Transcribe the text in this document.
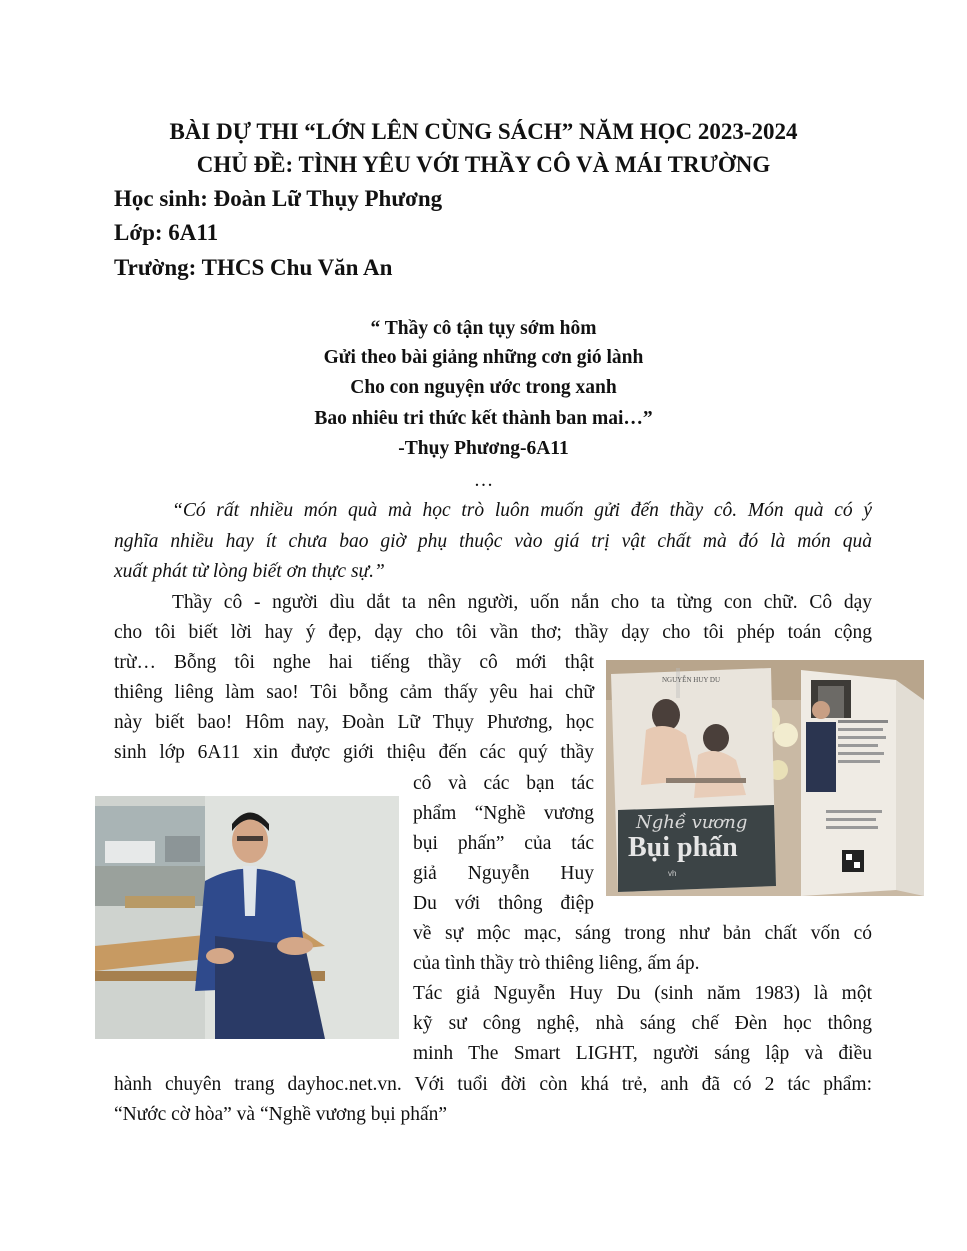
BÀI DỰ THI “LỚN LÊN CÙNG SÁCH” NĂM HỌC 2023-2024
CHỦ ĐỀ: TÌNH YÊU VỚI THẦY CÔ VÀ MÁI TRƯỜNG
Học sinh: Đoàn Lữ Thụy Phương
Lớp: 6A11
Trường: THCS Chu Văn An
“ Thầy cô tận tụy sớm hôm
Gửi theo bài giảng những cơn gió lành
Cho con nguyện ước trong xanh
Bao nhiêu tri thức kết thành ban mai…”
-Thụy Phương-6A11
…
“Có rất nhiều món quà mà học trò luôn muốn gửi đến thầy cô. Món quà có ý
nghĩa nhiều hay ít chưa bao giờ phụ thuộc vào giá trị vật chất mà đó là món quà
xuất phát từ lòng biết ơn thực sự.”
Thầy cô - người dìu dắt ta nên người, uốn nắn cho ta từng con chữ. Cô dạy
cho tôi biết lời hay ý đẹp, dạy cho tôi vần thơ; thầy dạy cho tôi phép toán cộng
trừ… Bỗng tôi nghe hai tiếng thầy cô mới thật
thiêng liêng làm sao! Tôi bỗng cảm thấy yêu hai chữ
này biết bao! Hôm nay, Đoàn Lữ Thụy Phương, học
sinh lớp 6A11 xin được giới thiệu đến các quý thầy
cô và các bạn tác
phẩm “Nghề vương
bụi phấn” của tác
giả Nguyễn Huy
Du với thông điệp
về sự mộc mạc, sáng trong như bản chất vốn có
của tình thầy trò thiêng liêng, ấm áp.
Tác giả Nguyễn Huy Du (sinh năm 1983) là một
kỹ sư công nghệ, nhà sáng chế Đèn học thông
minh The Smart LIGHT, người sáng lập và điều
hành chuyên trang dayhoc.net.vn. Với tuổi đời còn khá trẻ, anh đã có 2 tác phẩm:
“Nước cờ hòa” và “Nghề vương bụi phấn”
NGUYỄN HUY DU
Nghề vương
Bụi phấn
vh
